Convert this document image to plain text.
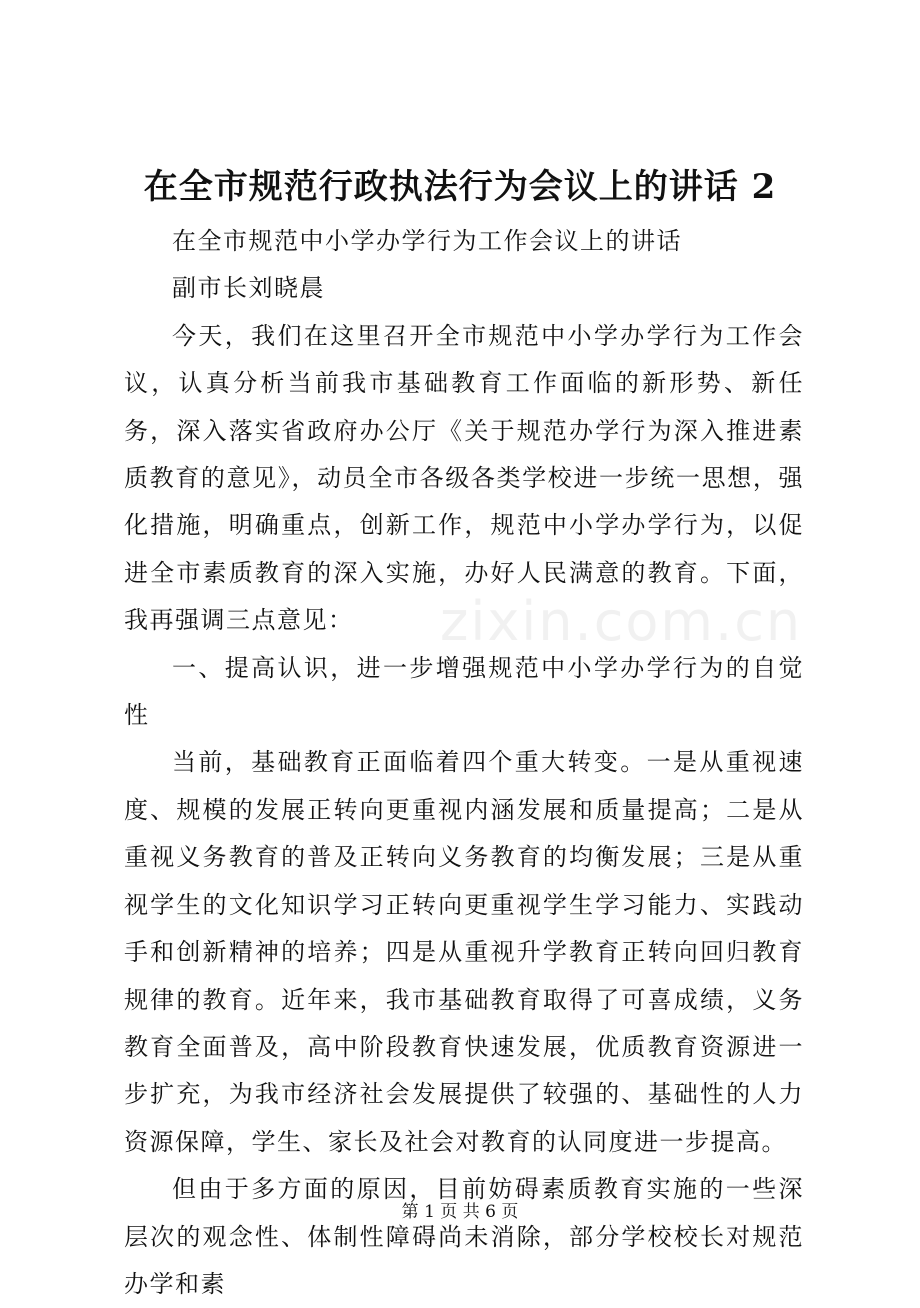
在全市规范行政执法行为会议上的讲话 2

在全市规范中小学办学行为工作会议上的讲话

副市长刘晓晨

今天，我们在这里召开全市规范中小学办学行为工作会议，认真分析当前我市基础教育工作面临的新形势、新任务，深入落实省政府办公厅《关于规范办学行为深入推进素质教育的意见》，动员全市各级各类学校进一步统一思想，强化措施，明确重点，创新工作，规范中小学办学行为，以促进全市素质教育的深入实施，办好人民满意的教育。下面，我再强调三点意见：

一、提高认识，进一步增强规范中小学办学行为的自觉性

当前，基础教育正面临着四个重大转变。一是从重视速度、规模的发展正转向更重视内涵发展和质量提高；二是从重视义务教育的普及正转向义务教育的均衡发展；三是从重视学生的文化知识学习正转向更重视学生学习能力、实践动手和创新精神的培养；四是从重视升学教育正转向回归教育规律的教育。近年来，我市基础教育取得了可喜成绩，义务教育全面普及，高中阶段教育快速发展，优质教育资源进一步扩充，为我市经济社会发展提供了较强的、基础性的人力资源保障，学生、家长及社会对教育的认同度进一步提高。

但由于多方面的原因，目前妨碍素质教育实施的一些深层次的观念性、体制性障碍尚未消除，部分学校校长对规范办学和素

zixin.com.cn
第 1 页 共 6 页
